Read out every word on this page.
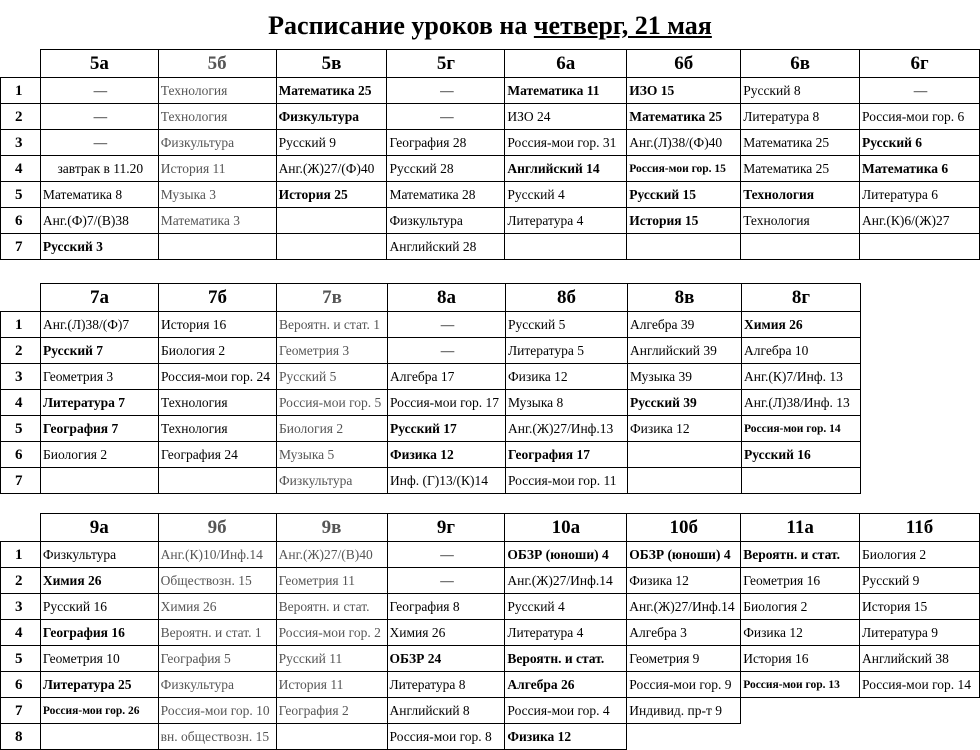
Расписание уроков на четверг, 21 мая
	5а	5б	5в	5г	6а	6б	6в	6г
1	—	Технология	Математика 25	—	Математика 11	ИЗО 15	Русский 8	—
2	—	Технология	Физкультура	—	ИЗО 24	Математика 25	Литература 8	Россия-мои гор. 6
3	—	Физкультура	Русский 9	География 28	Россия-мои гор. 31	Анг.(Л)38/(Ф)40	Математика 25	Русский 6
4	завтрак в 11.20	История 11	Анг.(Ж)27/(Ф)40	Русский 28	Английский 14	Россия-мои гор. 15	Математика 25	Математика 6
5	Математика 8	Музыка 3	История 25	Математика 28	Русский 4	Русский 15	Технология	Литература 6
6	Анг.(Ф)7/(В)38	Математика 3		Физкультура	Литература 4	История 15	Технология	Анг.(К)6/(Ж)27
7	Русский 3			Английский 28				
	7а	7б	7в	8а	8б	8в	8г
1	Анг.(Л)38/(Ф)7	История 16	Вероятн. и стат. 1	—	Русский 5	Алгебра 39	Химия 26
2	Русский 7	Биология 2	Геометрия 3	—	Литература 5	Английский 39	Алгебра 10
3	Геометрия 3	Россия-мои гор. 24	Русский 5	Алгебра 17	Физика 12	Музыка 39	Анг.(К)7/Инф. 13
4	Литература 7	Технология	Россия-мои гор. 5	Россия-мои гор. 17	Музыка 8	Русский 39	Анг.(Л)38/Инф. 13
5	География 7	Технология	Биология 2	Русский 17	Анг.(Ж)27/Инф.13	Физика 12	Россия-мои гор. 14
6	Биология 2	География 24	Музыка 5	Физика 12	География 17		Русский 16
7			Физкультура	Инф. (Г)13/(К)14	Россия-мои гор. 11		
	9а	9б	9в	9г	10а	10б	11а	11б
1	Физкультура	Анг.(К)10/Инф.14	Анг.(Ж)27/(В)40	—	ОБЗР (юноши) 4	ОБЗР (юноши) 4	Вероятн. и стат.	Биология 2
2	Химия 26	Обществозн. 15	Геометрия 11	—	Анг.(Ж)27/Инф.14	Физика 12	Геометрия 16	Русский 9
3	Русский 16	Химия 26	Вероятн. и стат.	География 8	Русский 4	Анг.(Ж)27/Инф.14	Биология 2	История 15
4	География 16	Вероятн. и стат. 1	Россия-мои гор. 2	Химия 26	Литература 4	Алгебра 3	Физика 12	Литература 9
5	Геометрия 10	География 5	Русский 11	ОБЗР 24	Вероятн. и стат.	Геометрия 9	История 16	Английский 38
6	Литература 25	Физкультура	История 11	Литература 8	Алгебра 26	Россия-мои гор. 9	Россия-мои гор. 13	Россия-мои гор. 14
7	Россия-мои гор. 26	Россия-мои гор. 10	География 2	Английский 8	Россия-мои гор. 4	Индивид. пр-т 9		
8		вн. обществозн. 15		Россия-мои гор. 8	Физика 12			
